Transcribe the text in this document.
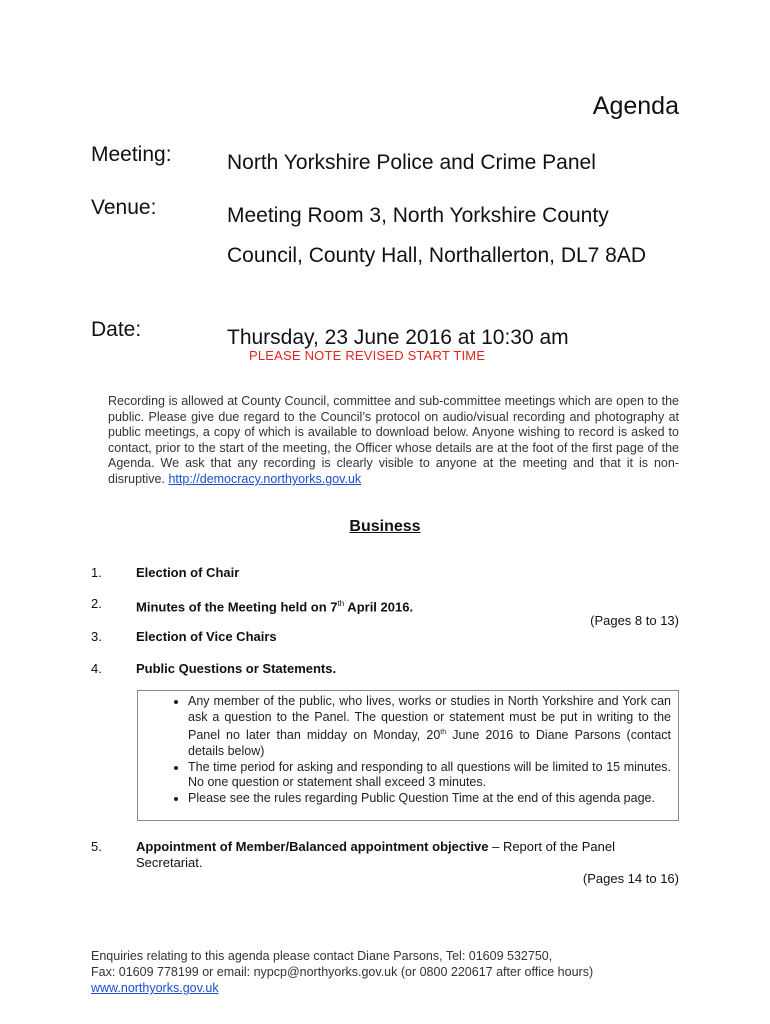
Agenda
Meeting:	North Yorkshire Police and Crime Panel
Venue:	Meeting Room 3, North Yorkshire County Council, County Hall, Northallerton, DL7 8AD
Date:	Thursday, 23 June 2016 at 10:30 am
PLEASE NOTE REVISED START TIME

Recording is allowed at County Council, committee and sub-committee meetings which are open to the public. Please give due regard to the Council’s protocol on audio/visual recording and photography at public meetings, a copy of which is available to download below. Anyone wishing to record is asked to contact, prior to the start of the meeting, the Officer whose details are at the foot of the first page of the Agenda. We ask that any recording is clearly visible to anyone at the meeting and that it is non-disruptive. http://democracy.northyorks.gov.uk

Business
1.	Election of Chair
2.	Minutes of the Meeting held on 7th April 2016.
(Pages 8 to 13)
3.	Election of Vice Chairs
4.	Public Questions or Statements.
• Any member of the public, who lives, works or studies in North Yorkshire and York can ask a question to the Panel. The question or statement must be put in writing to the Panel no later than midday on Monday, 20th June 2016 to Diane Parsons (contact details below)
• The time period for asking and responding to all questions will be limited to 15 minutes. No one question or statement shall exceed 3 minutes.
• Please see the rules regarding Public Question Time at the end of this agenda page.
5.	Appointment of Member/Balanced appointment objective – Report of the Panel Secretariat.
(Pages 14 to 16)
Enquiries relating to this agenda please contact Diane Parsons, Tel: 01609 532750,
Fax: 01609 778199 or email: nypcp@northyorks.gov.uk (or 0800 220617 after office hours)
www.northyorks.gov.uk
